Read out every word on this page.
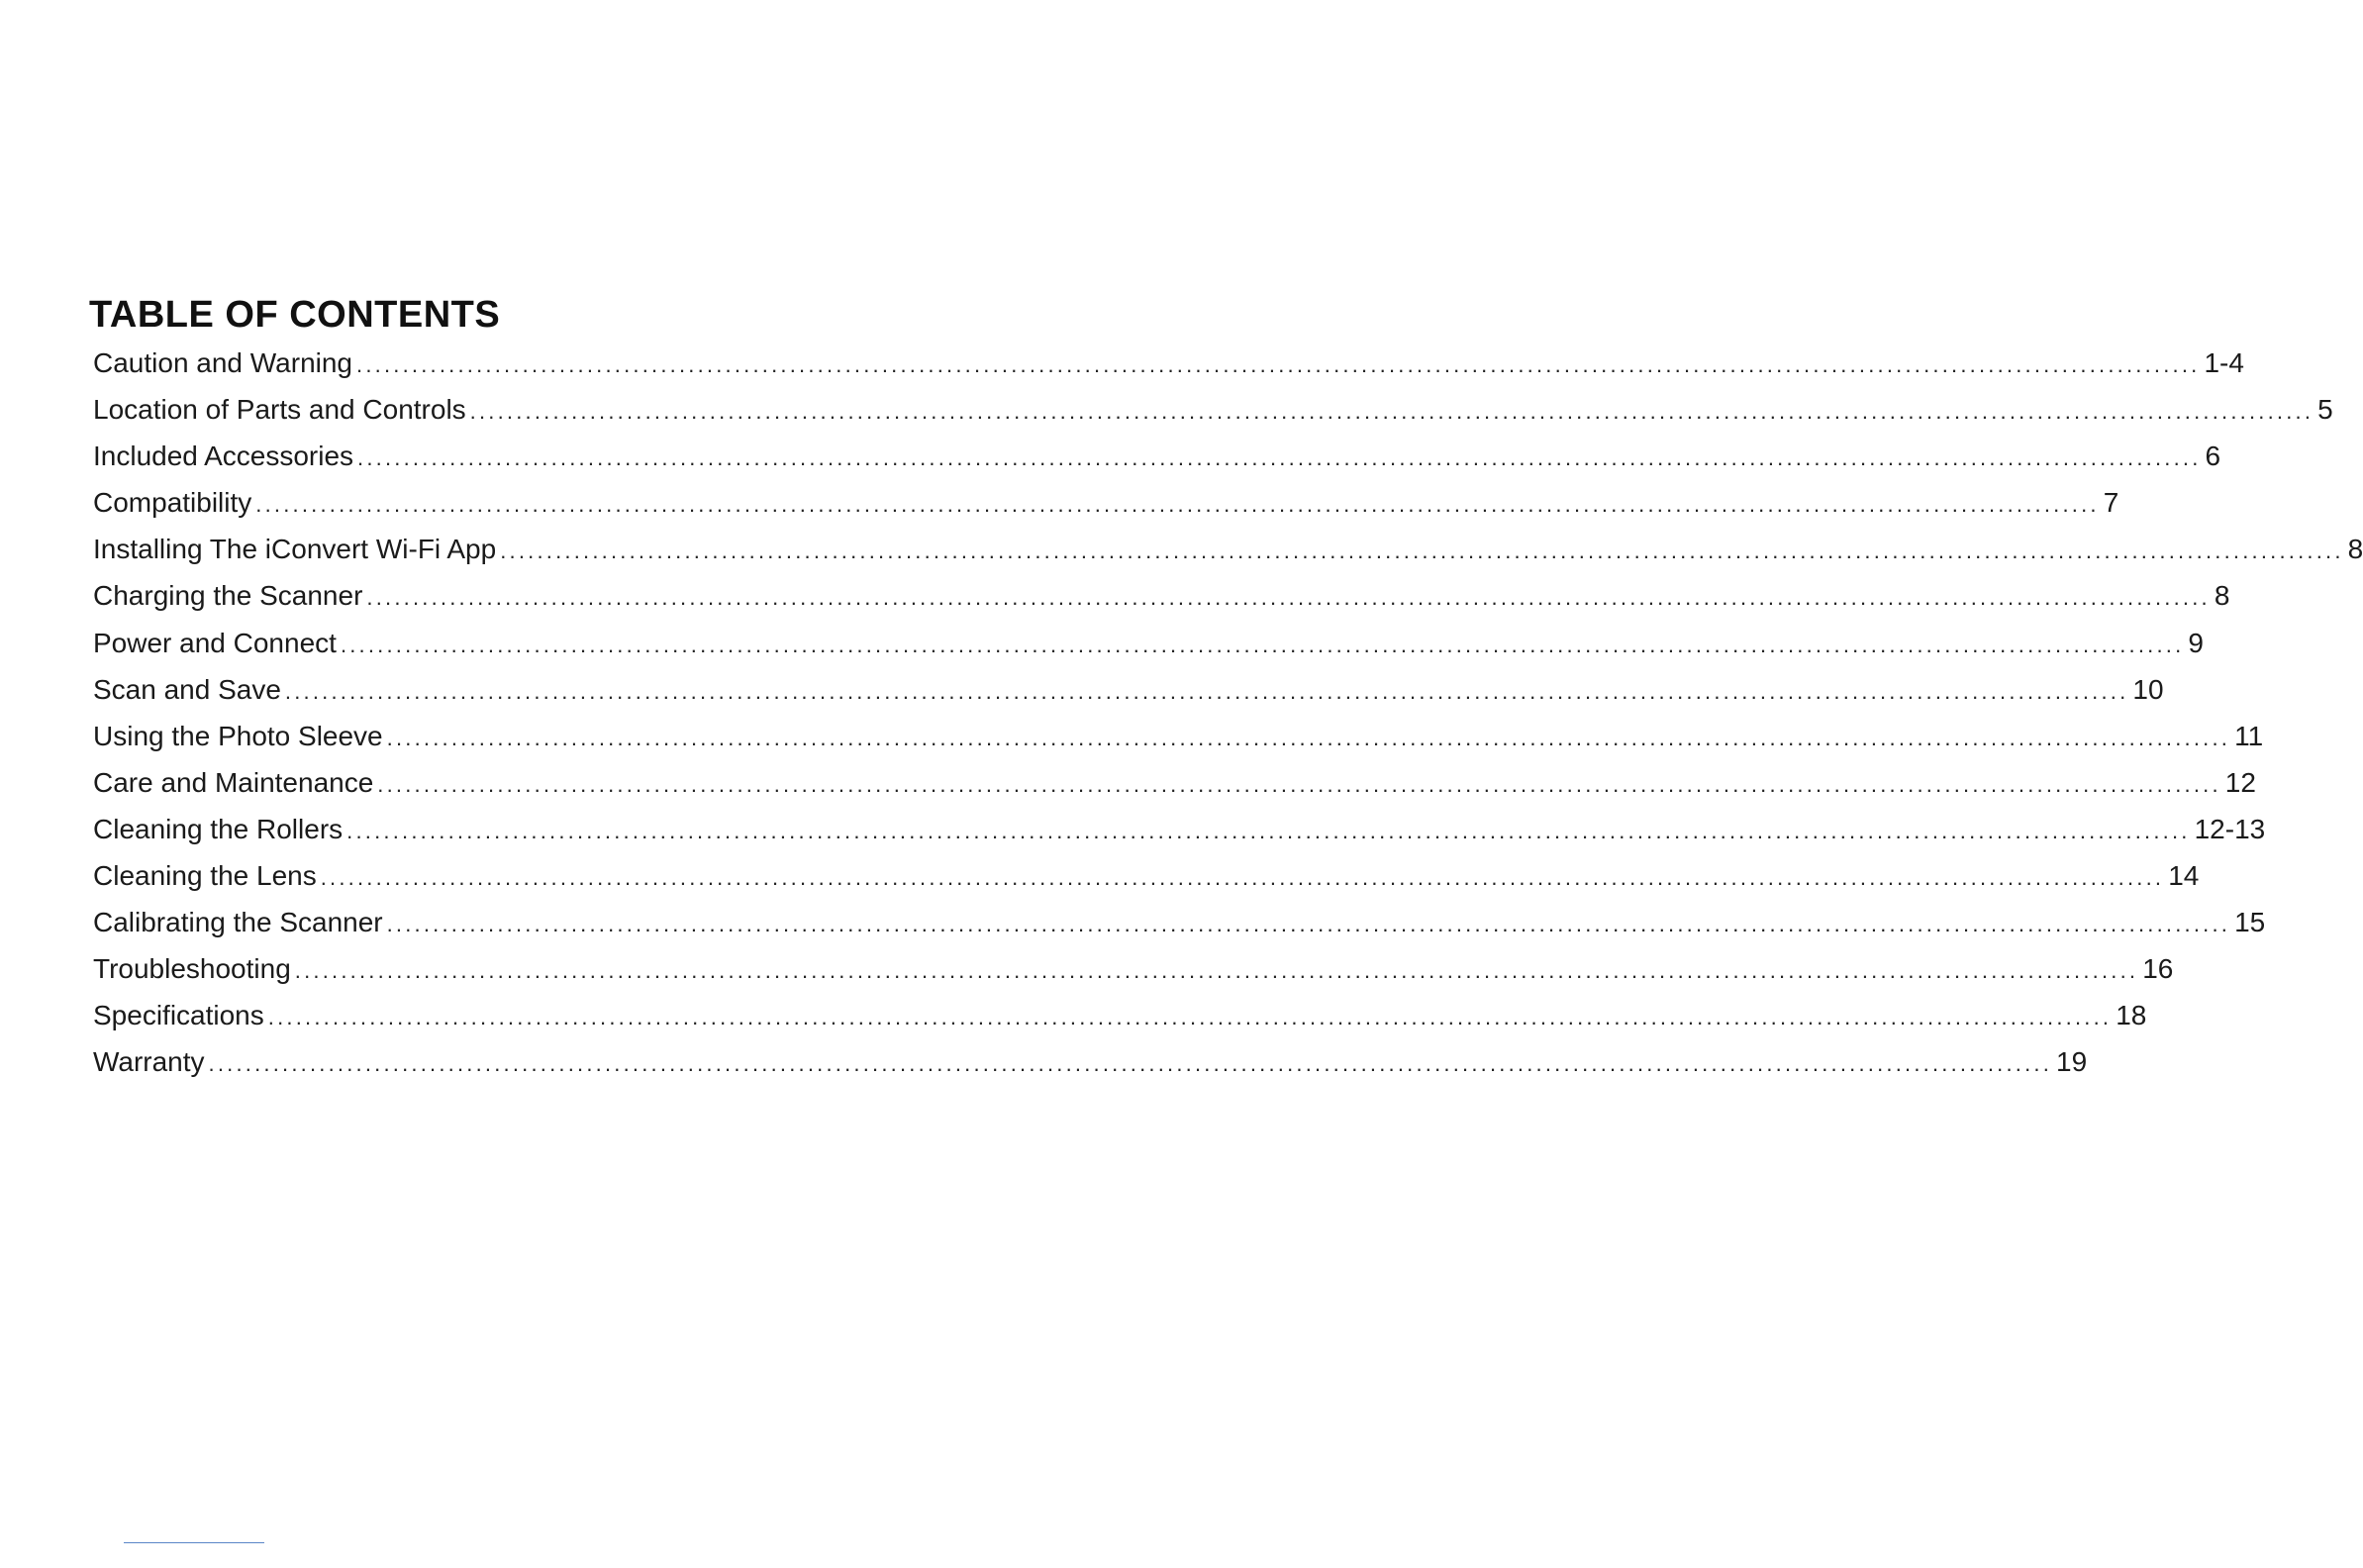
TABLE OF CONTENTS
Caution and Warning ........................................................................................................................................................................................................ 1-4
Location of Parts and Controls ........................................................................................................................................................................................................ 5
Included Accessories ........................................................................................................................................................................................................ 6
Compatibility ........................................................................................................................................................................................................ 7
Installing The iConvert Wi-Fi App ........................................................................................................................................................................................................ 8
Charging the Scanner ........................................................................................................................................................................................................ 8
Power and Connect ........................................................................................................................................................................................................ 9
Scan and Save ........................................................................................................................................................................................................ 10
Using the Photo Sleeve ........................................................................................................................................................................................................ 11
Care and Maintenance ........................................................................................................................................................................................................ 12
Cleaning the Rollers ........................................................................................................................................................................................................ 12-13
Cleaning the Lens ........................................................................................................................................................................................................ 14
Calibrating the Scanner ........................................................................................................................................................................................................ 15
Troubleshooting ........................................................................................................................................................................................................ 16
Specifications ........................................................................................................................................................................................................ 18
Warranty ........................................................................................................................................................................................................ 19
